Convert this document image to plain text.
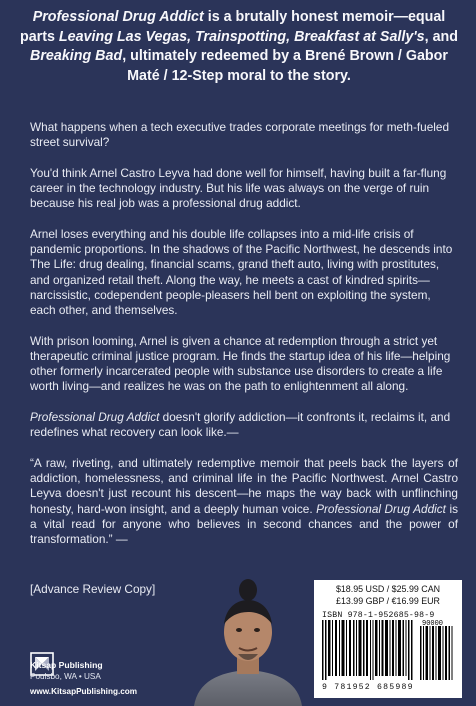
Professional Drug Addict is a brutally honest memoir—equal parts Leaving Las Vegas, Trainspotting, Breakfast at Sally's, and Breaking Bad, ultimately redeemed by a Brené Brown / Gabor Maté / 12-Step moral to the story.

What happens when a tech executive trades corporate meetings for meth-fueled street survival?

You'd think Arnel Castro Leyva had done well for himself, having built a far-flung career in the technology industry. But his life was always on the verge of ruin because his real job was a professional drug addict.

Arnel loses everything and his double life collapses into a mid-life crisis of pandemic proportions. In the shadows of the Pacific Northwest, he descends into The Life: drug dealing, financial scams, grand theft auto, living with prostitutes, and organized retail theft. Along the way, he meets a cast of kindred spirits—narcissistic, codependent people-pleasers hell bent on exploiting the system, each other, and themselves.

With prison looming, Arnel is given a chance at redemption through a strict yet therapeutic criminal justice program. He finds the startup idea of his life—helping other formerly incarcerated people with substance use disorders to create a life worth living—and realizes he was on the path to enlightenment all along.

Professional Drug Addict doesn't glorify addiction—it confronts it, reclaims it, and redefines what recovery can look like.—

“A raw, riveting, and ultimately redemptive memoir that peels back the layers of addiction, homelessness, and criminal life in the Pacific Northwest. Arnel Castro Leyva doesn't just recount his descent—he maps the way back with unflinching honesty, hard-won insight, and a deeply human voice. Professional Drug Addict is a vital read for anyone who believes in second chances and the power of transformation.” —

[Advance Review Copy]
Kitsap Publishing
Poulsbo, WA • USA
www.KitsapPublishing.com
$18.95 USD / $25.99 CAN
£13.99 GBP / €16.99 EUR
ISBN 978-1-952685-98-9
90000
9 781952 685989
